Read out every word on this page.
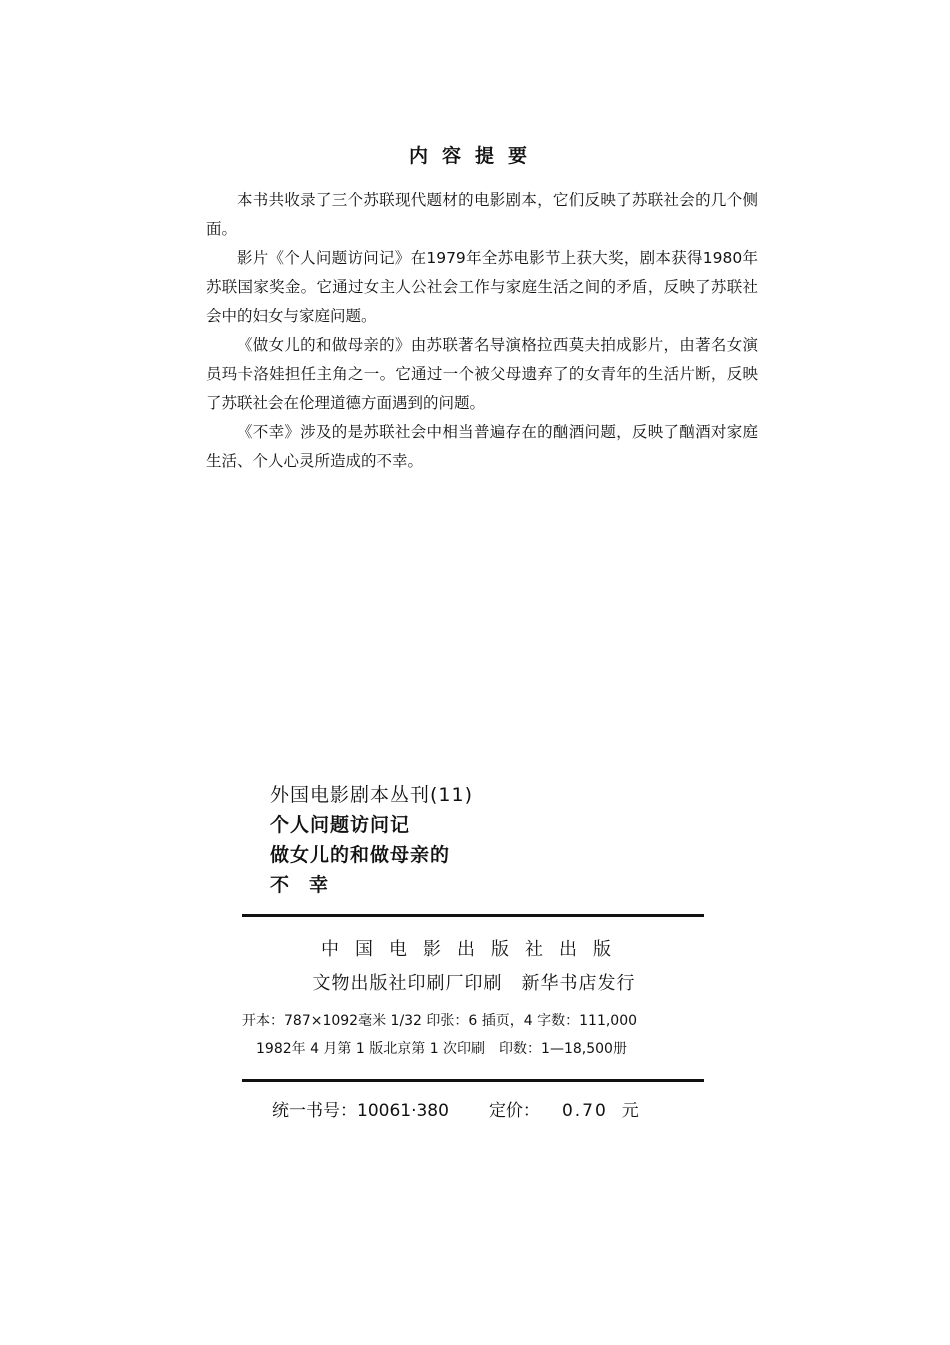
内容提要

本书共收录了三个苏联现代题材的电影剧本，它们反映了苏联社会的几个侧面。

影片《个人问题访问记》在1979年全苏电影节上获大奖，剧本获得1980年苏联国家奖金。它通过女主人公社会工作与家庭生活之间的矛盾，反映了苏联社会中的妇女与家庭问题。

《做女儿的和做母亲的》由苏联著名导演格拉西莫夫拍成影片，由著名女演员玛卡洛娃担任主角之一。它通过一个被父母遗弃了的女青年的生活片断，反映了苏联社会在伦理道德方面遇到的问题。

《不幸》涉及的是苏联社会中相当普遍存在的酗酒问题，反映了酗酒对家庭生活、个人心灵所造成的不幸。

外国电影剧本丛刊(11)
个人问题访问记
做女儿的和做母亲的
不幸
中国电影出版社出版
文物出版社印刷厂印刷　新华书店发行
开本：787×1092毫米 1/32 印张：6 插页，4 字数：111,000
1982年 4 月第 1 版北京第 1 次印刷　印数：1—18,500册
统一书号：10061·380 定价： 0.70 元
